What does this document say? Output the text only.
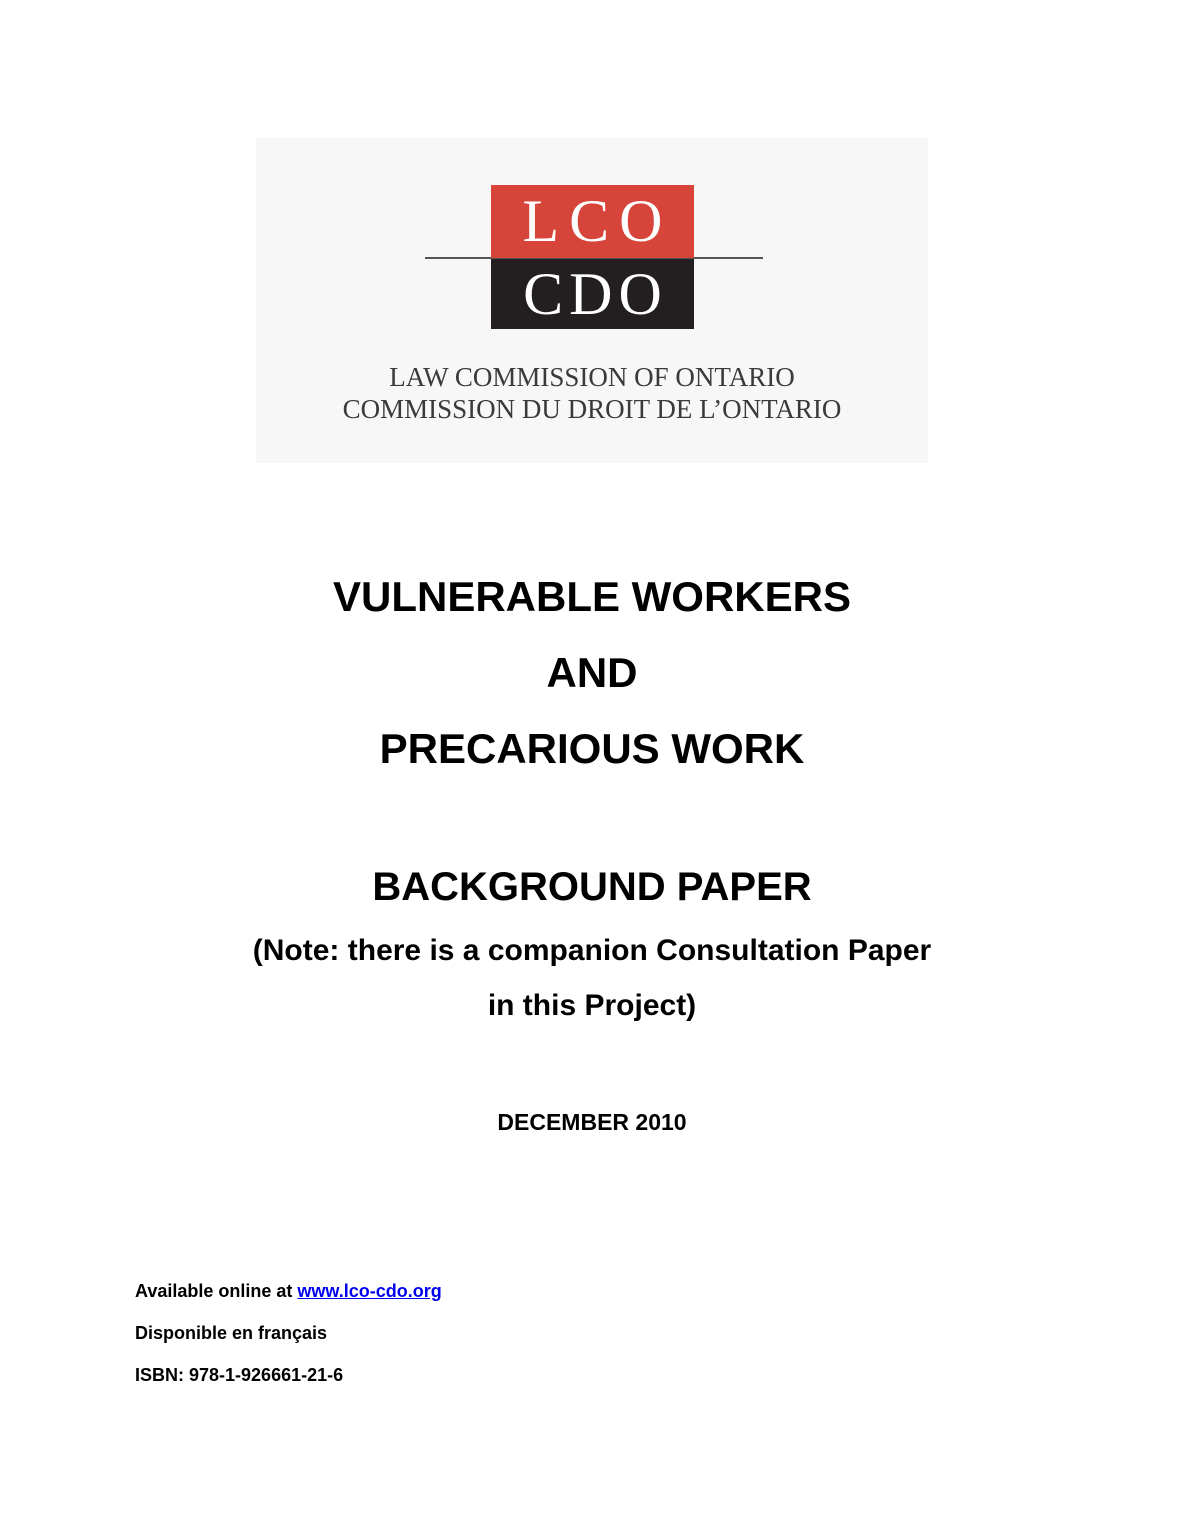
LCO
CDO
LAW COMMISSION OF ONTARIO
COMMISSION DU DROIT DE L’ONTARIO
VULNERABLE WORKERS
AND
PRECARIOUS WORK
BACKGROUND PAPER
(Note: there is a companion Consultation Paper
in this Project)
DECEMBER 2010
Available online at www.lco-cdo.org
Disponible en français
ISBN: 978-1-926661-21-6
